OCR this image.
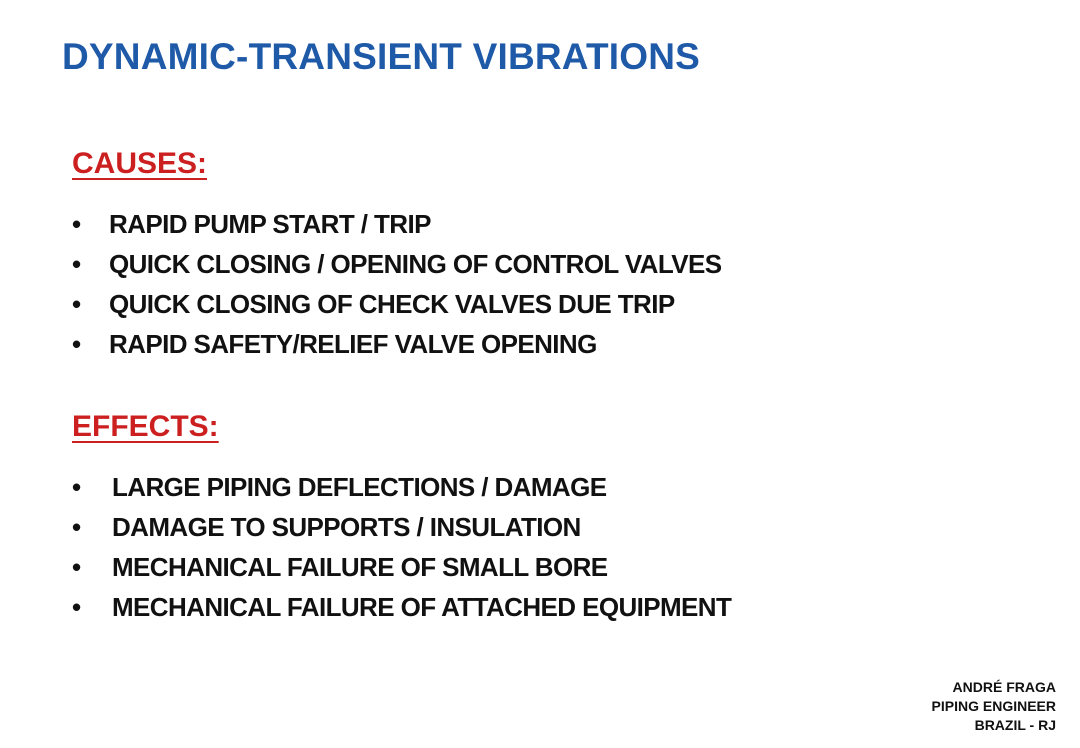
DYNAMIC-TRANSIENT VIBRATIONS
CAUSES:
• RAPID PUMP START / TRIP
• QUICK CLOSING / OPENING OF CONTROL VALVES
• QUICK CLOSING OF CHECK VALVES DUE TRIP
• RAPID SAFETY/RELIEF VALVE OPENING
EFFECTS:
• LARGE PIPING DEFLECTIONS / DAMAGE
• DAMAGE TO SUPPORTS / INSULATION
• MECHANICAL FAILURE OF SMALL BORE
• MECHANICAL FAILURE OF ATTACHED EQUIPMENT
ANDRÉ FRAGA
PIPING ENGINEER
BRAZIL - RJ
